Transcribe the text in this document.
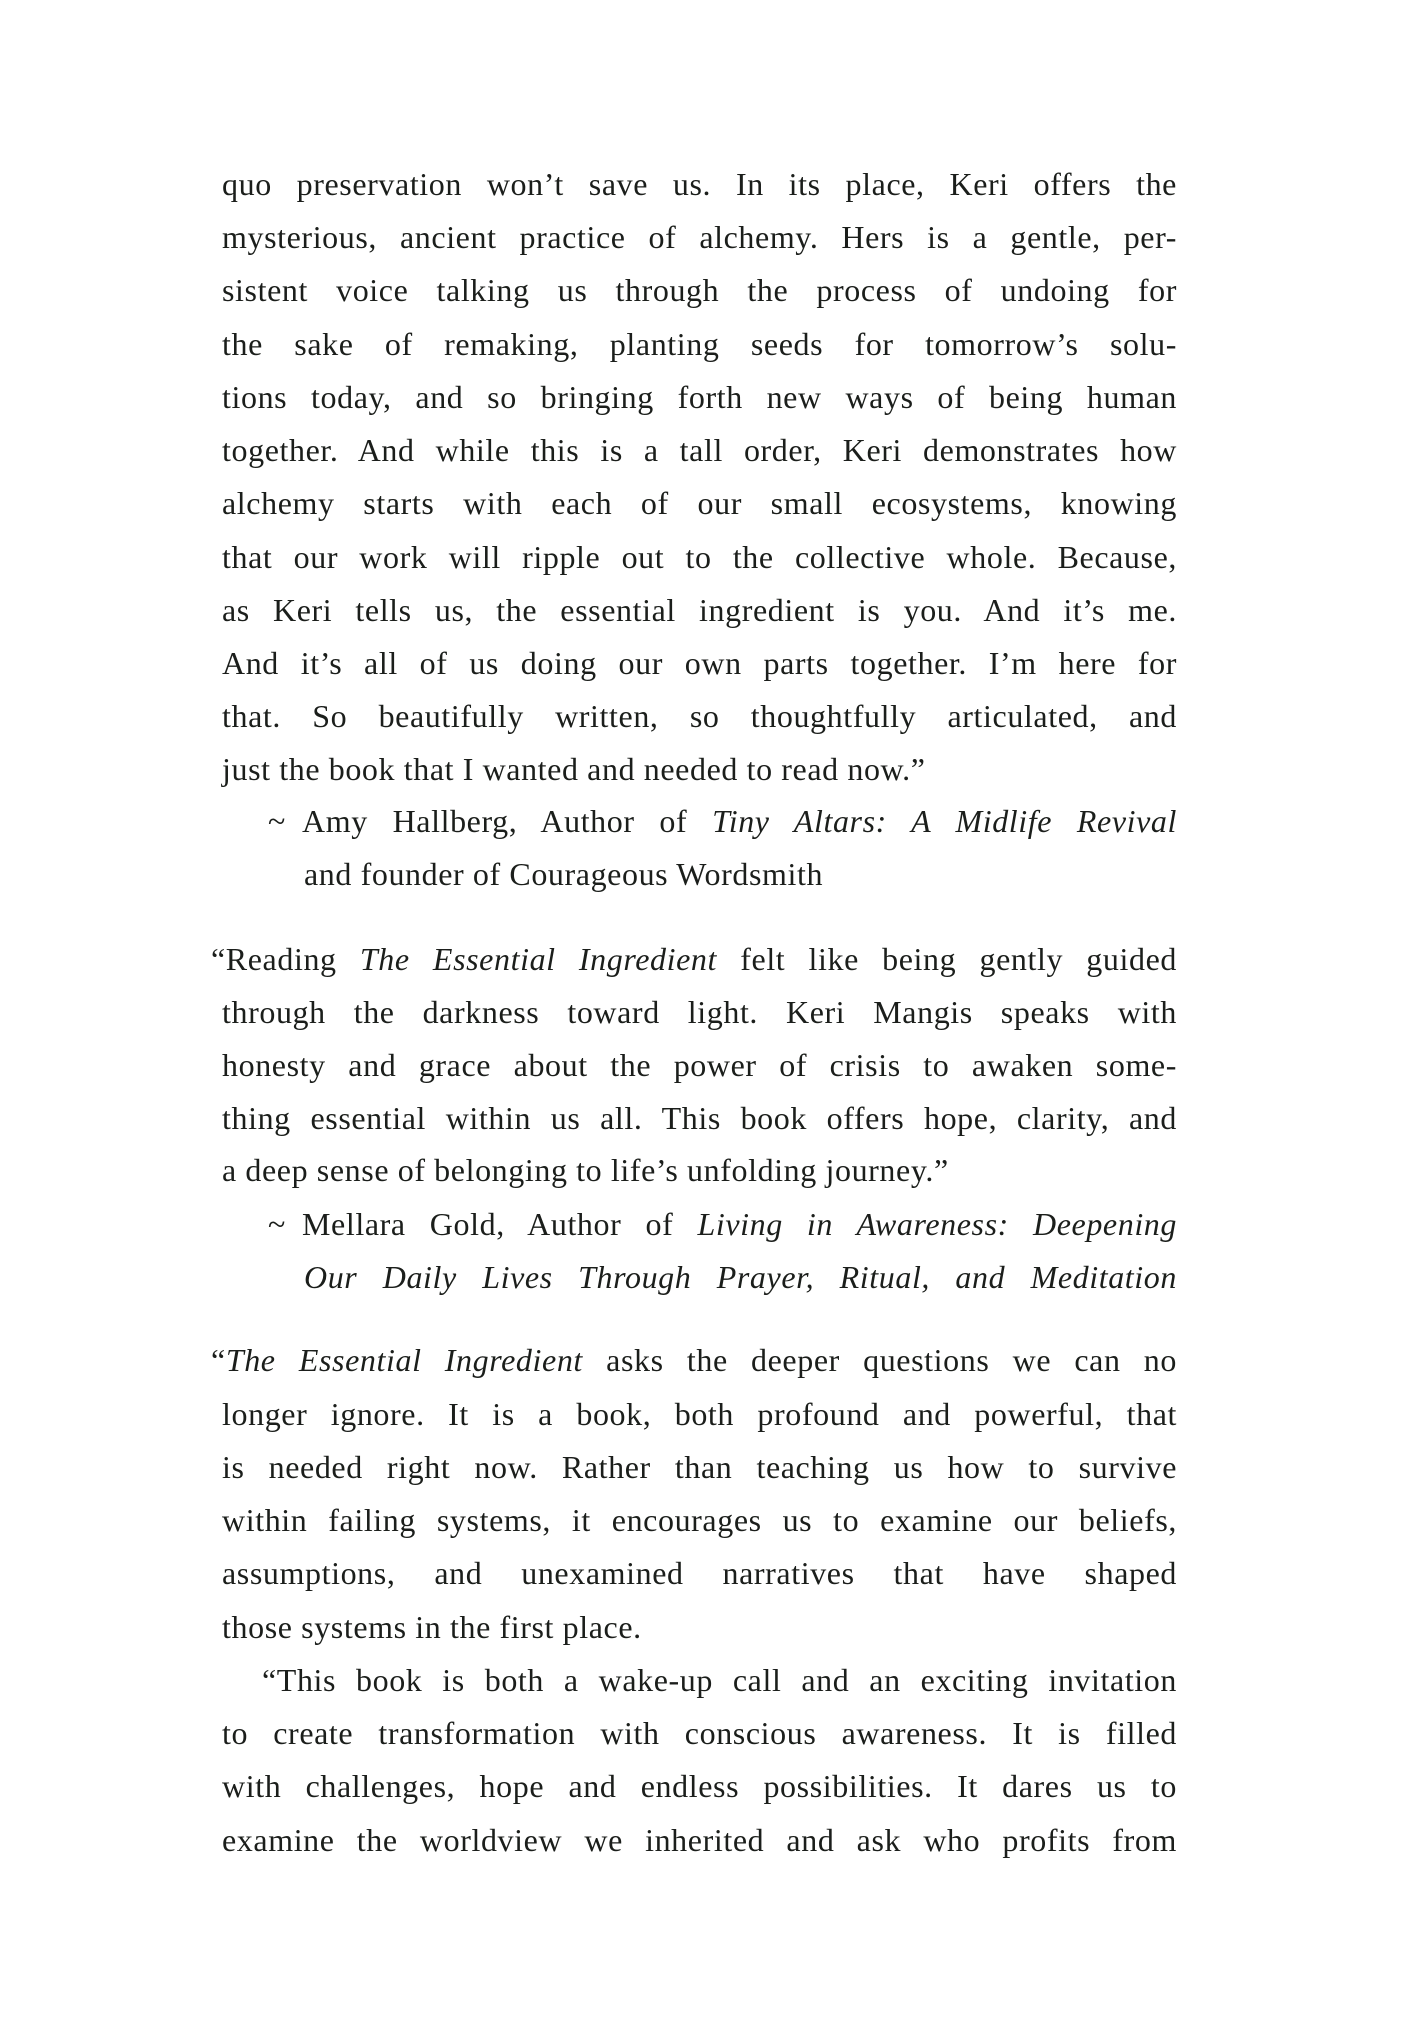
quo preservation won’t save us. In its place, Keri offers the
mysterious, ancient practice of alchemy. Hers is a gentle, per-
sistent voice talking us through the process of undoing for
the sake of remaking, planting seeds for tomorrow’s solu-
tions today, and so bringing forth new ways of being human
together. And while this is a tall order, Keri demonstrates how
alchemy starts with each of our small ecosystems, knowing
that our work will ripple out to the collective whole. Because,
as Keri tells us, the essential ingredient is you. And it’s me.
And it’s all of us doing our own parts together. I’m here for
that. So beautifully written, so thoughtfully articulated, and
just the book that I wanted and needed to read now.”
~ Amy Hallberg, Author of Tiny Altars: A Midlife Revival
and founder of Courageous Wordsmith
“Reading The Essential Ingredient felt like being gently guided
through the darkness toward light. Keri Mangis speaks with
honesty and grace about the power of crisis to awaken some-
thing essential within us all. This book offers hope, clarity, and
a deep sense of belonging to life’s unfolding journey.”
~ Mellara Gold, Author of Living in Awareness: Deepening
Our Daily Lives Through Prayer, Ritual, and Meditation
“The Essential Ingredient asks the deeper questions we can no
longer ignore. It is a book, both profound and powerful, that
is needed right now. Rather than teaching us how to survive
within failing systems, it encourages us to examine our beliefs,
assumptions, and unexamined narratives that have shaped
those systems in the first place.
“This book is both a wake-up call and an exciting invitation
to create transformation with conscious awareness. It is filled
with challenges, hope and endless possibilities. It dares us to
examine the worldview we inherited and ask who profits from
